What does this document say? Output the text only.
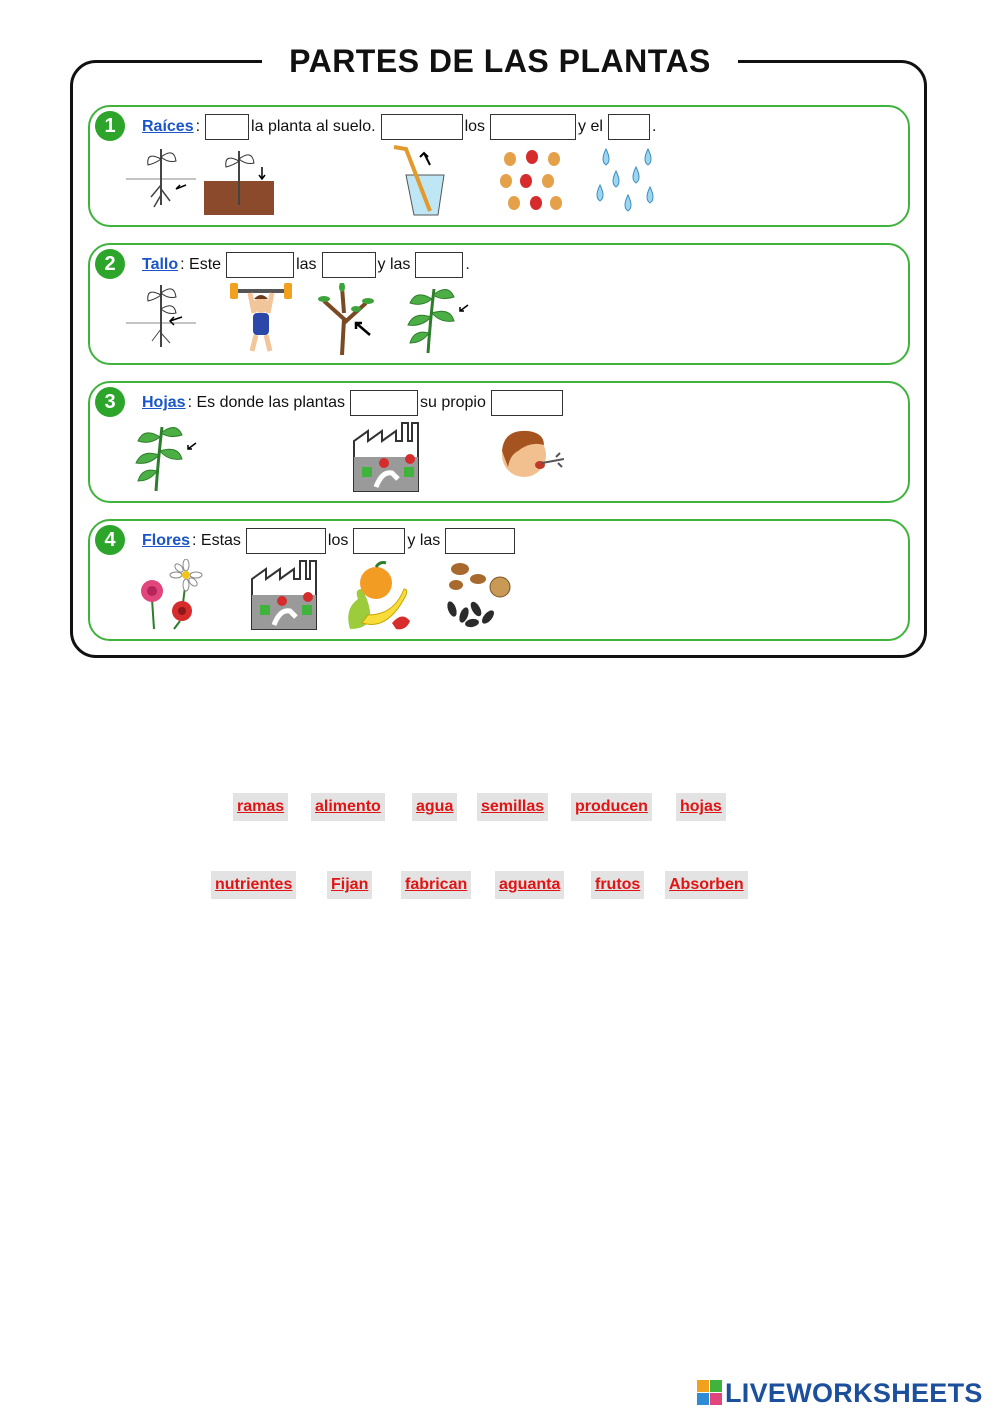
PARTES DE LAS PLANTAS
1	Raíces :	la planta al suelo.	los	y el	.
2	Tallo : Este	las	y las	.
3	Hojas : Es donde las plantas	su propio
4	Flores : Estas	los	y las
ramas alimento agua semillas producen hojas
nutrientes Fijan fabrican aguanta frutos Absorben
LIVEWORKSHEETS
